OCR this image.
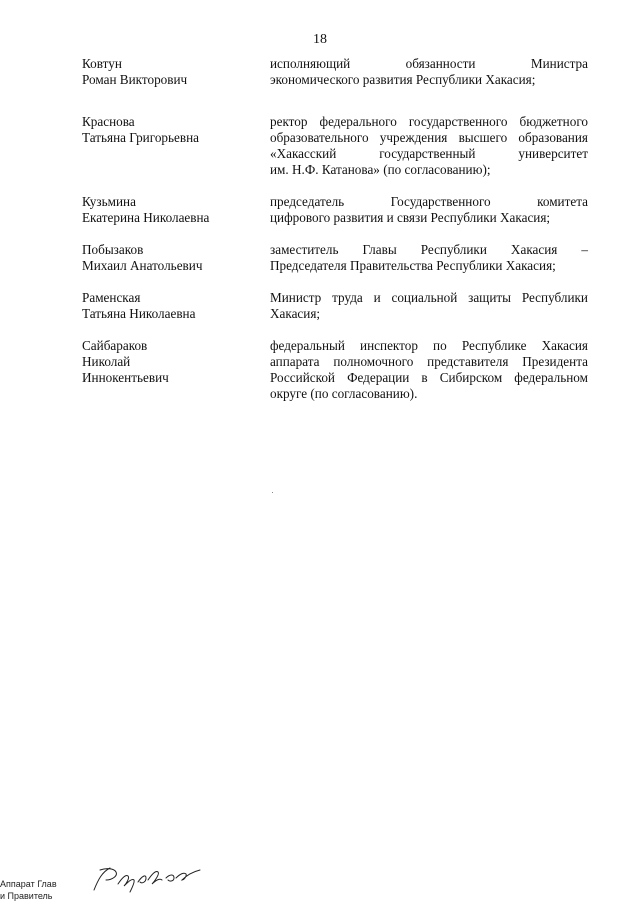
18
Ковтун
Роман Викторович
исполняющий обязанности Министра
экономического развития Республики Хакасия;
Краснова
Татьяна Григорьевна
ректор федерального государственного бюджетного
образовательного учреждения высшего образования
«Хакасский государственный университет
им. Н.Ф. Катанова» (по согласованию);
Кузьмина
Екатерина Николаевна
председатель Государственного комитета
цифрового развития и связи Республики Хакасия;
Побызаков
Михаил Анатольевич
заместитель Главы Республики Хакасия –
Председателя Правительства Республики Хакасия;
Раменская
Татьяна Николаевна
Министр труда и социальной защиты Республики
Хакасия;
Сайбараков
Николай
Иннокентьевич
федеральный инспектор по Республике Хакасия
аппарата полномочного представителя Президента
Российской Федерации в Сибирском федеральном
округе (по согласованию).
Аппарат Глав
и Правитель
